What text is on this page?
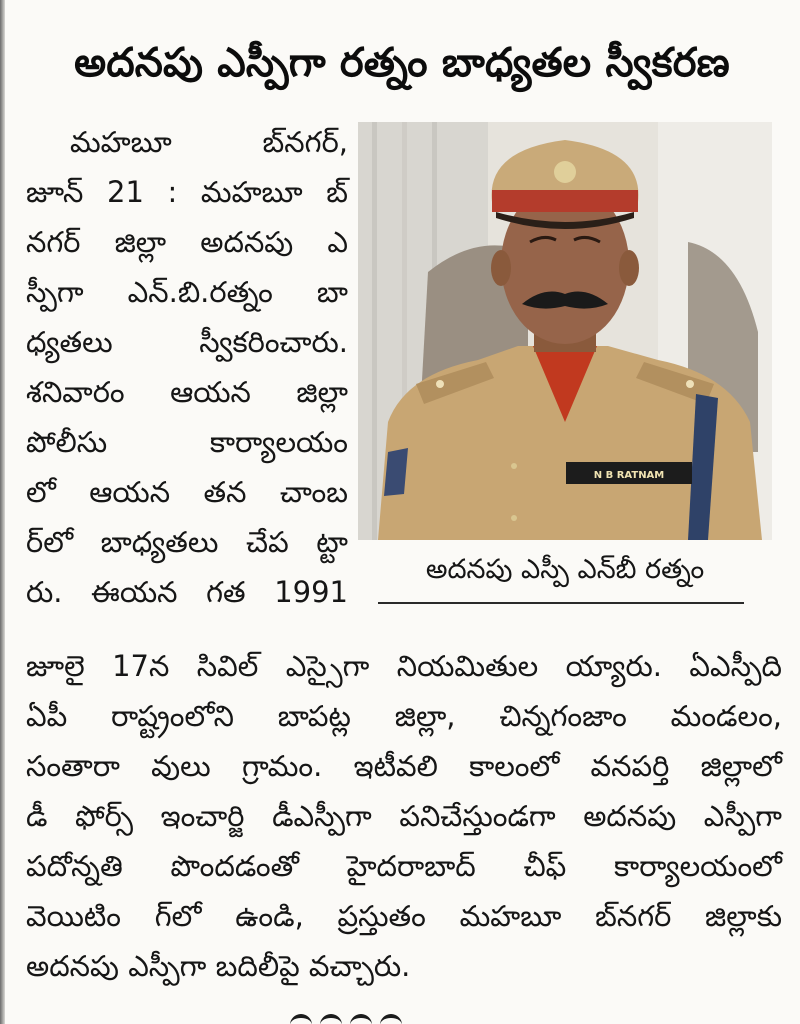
అదనపు ఎస్పీగా రత్నం బాధ్యతల స్వీకరణ
మహబూ బ్‌నగర్,
జూన్ 21 : మహబూ బ్
నగర్ జిల్లా అదనపు ఎ
స్పీగా ఎన్.బి.రత్నం బా
ధ్యతలు స్వీకరించారు.
శనివారం ఆయన జిల్లా
పోలీసు కార్యాలయం
లో ఆయన తన చాంబ
ర్‌లో బాధ్యతలు చేప ట్టా
రు. ఈయన గత 1991
N B RATNAM
అదనపు ఎస్పీ ఎన్‌బీ రత్నం
జూలై 17న సివిల్ ఎస్సైగా నియమితుల య్యారు. ఏఎస్పీది
ఏపీ రాష్ట్రంలోని బాపట్ల జిల్లా, చిన్నగంజాం మండలం,
సంతారా వులు గ్రామం. ఇటీవలి కాలంలో వనపర్తి జిల్లాలో
డీ ఫోర్స్ ఇంచార్జి డీఎస్పీగా పనిచేస్తుండగా అదనపు ఎస్పీగా
పదోన్నతి పొందడంతో హైదరాబాద్ చీఫ్ కార్యాలయంలో
వెయిటిం గ్‌లో ఉండి, ప్రస్తుతం మహబూ బ్‌నగర్ జిల్లాకు
అదనపు ఎస్పీగా బదిలీపై వచ్చారు.
